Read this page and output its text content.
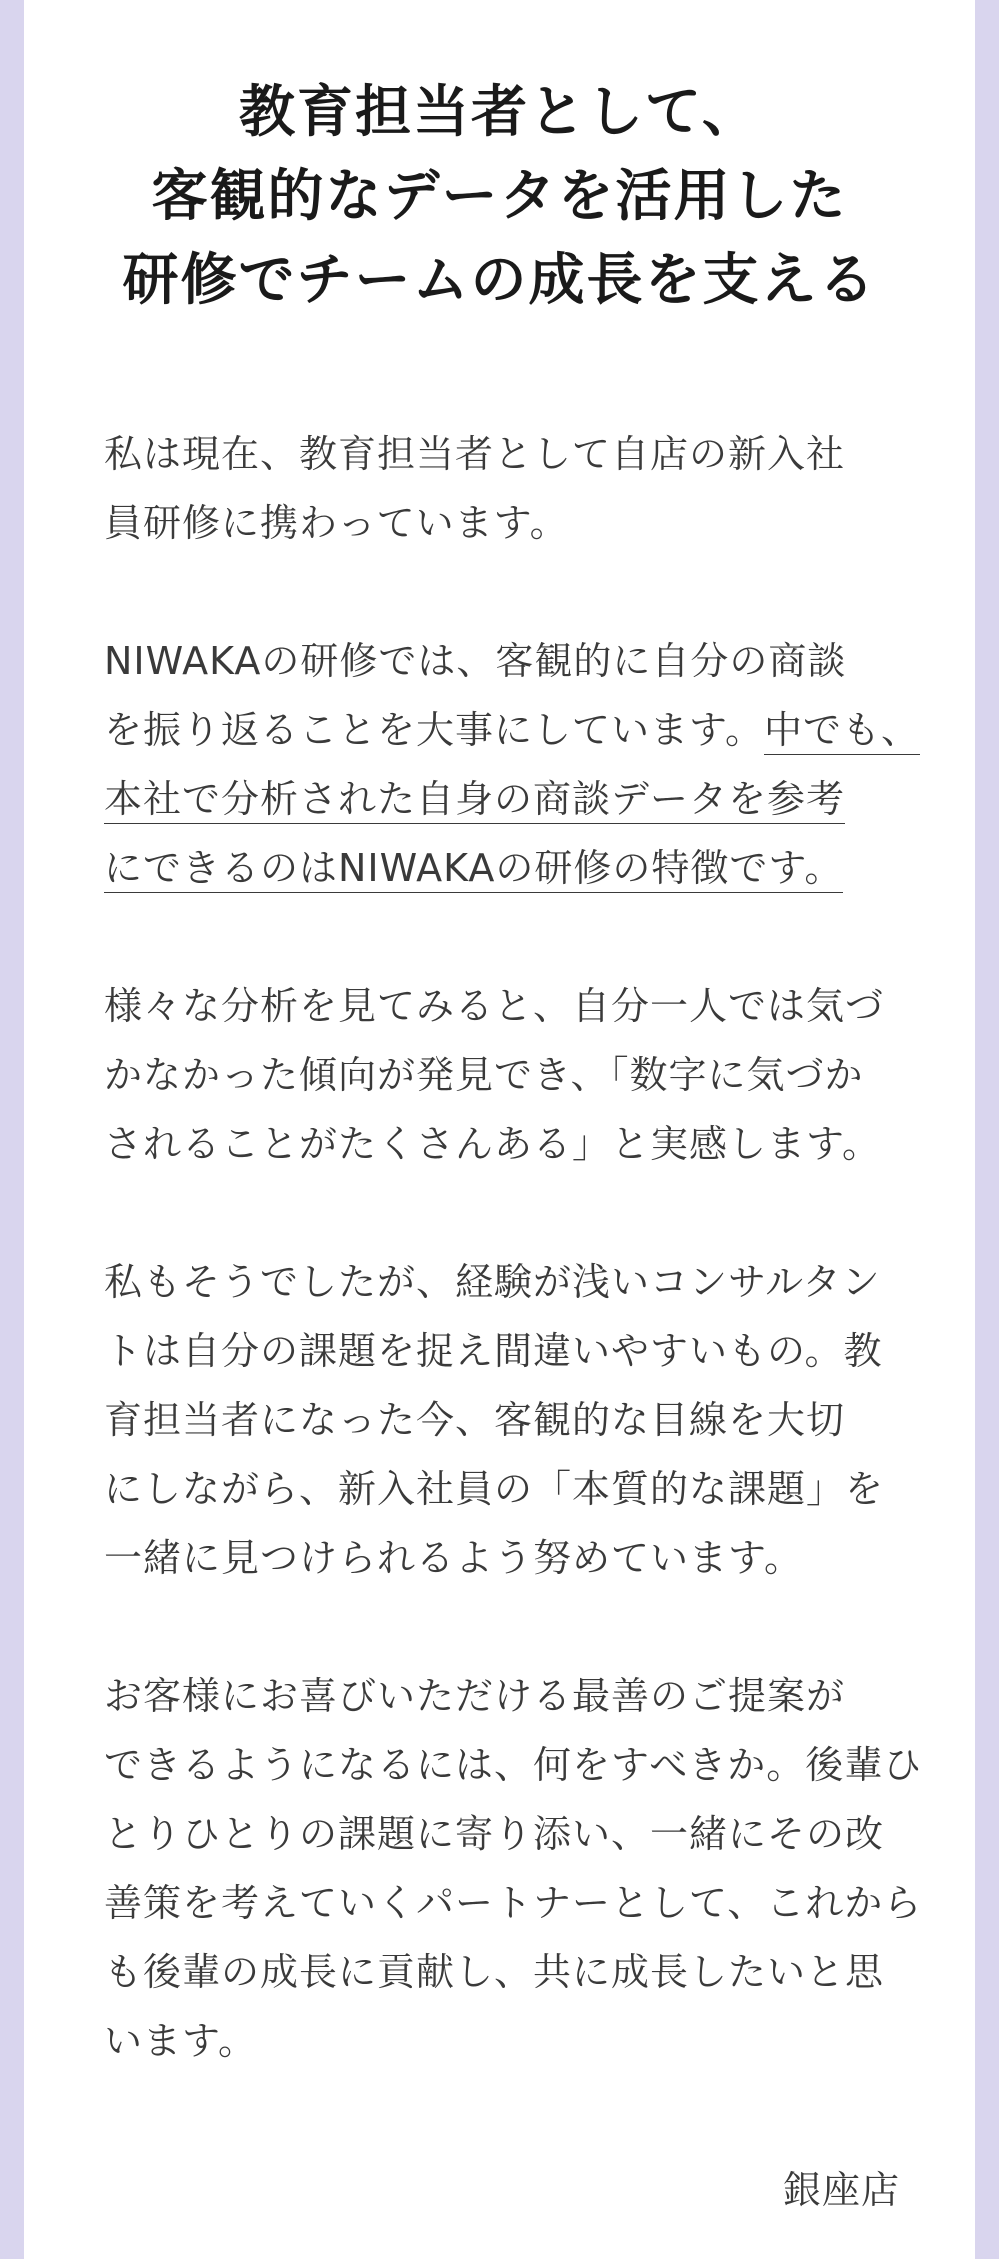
教育担当者として、
客観的なデータを活用した
研修でチームの成長を支える

私は現在、教育担当者として自店の新入社
員研修に携わっています。

NIWAKAの研修では、客観的に自分の商談
を振り返ることを大事にしています。中でも、
本社で分析された自身の商談データを参考
にできるのはNIWAKAの研修の特徴です。

様々な分析を見てみると、自分一人では気づ
かなかった傾向が発見でき、「数字に気づか
されることがたくさんある」と実感します。

私もそうでしたが、経験が浅いコンサルタン
トは自分の課題を捉え間違いやすいもの。教
育担当者になった今、客観的な目線を大切
にしながら、新入社員の「本質的な課題」を
一緒に見つけられるよう努めています。

お客様にお喜びいただける最善のご提案が
できるようになるには、何をすべきか。後輩ひ
とりひとりの課題に寄り添い、一緒にその改
善策を考えていくパートナーとして、これから
も後輩の成長に貢献し、共に成長したいと思
います。

銀座店
